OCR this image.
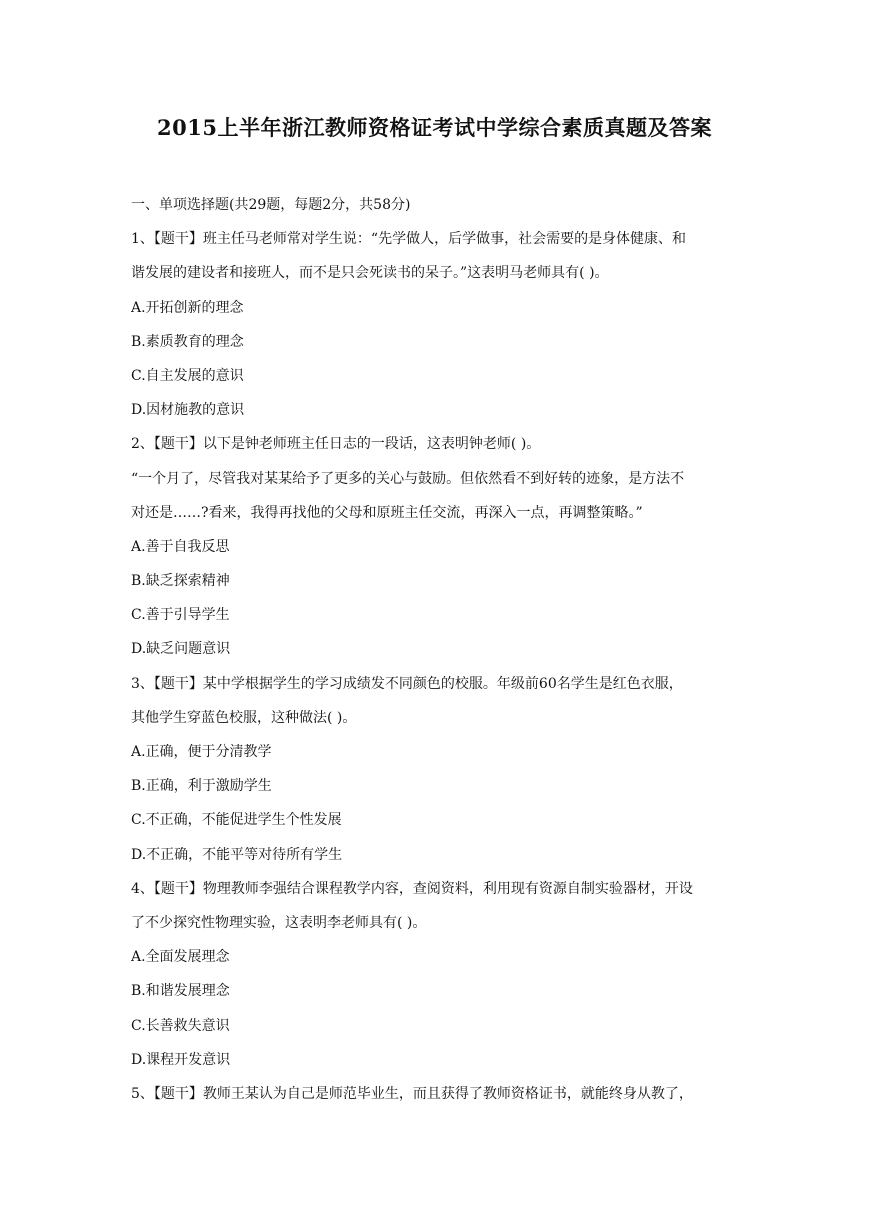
2015上半年浙江教师资格证考试中学综合素质真题及答案
一、单项选择题(共29题，每题2分，共58分)
1、【题干】班主任马老师常对学生说：“先学做人，后学做事，社会需要的是身体健康、和
谐发展的建设者和接班人，而不是只会死读书的呆子。”这表明马老师具有( )。
A.开拓创新的理念
B.素质教育的理念
C.自主发展的意识
D.因材施教的意识
2、【题干】以下是钟老师班主任日志的一段话，这表明钟老师( )。
“一个月了，尽管我对某某给予了更多的关心与鼓励。但依然看不到好转的迹象，是方法不
对还是……?看来，我得再找他的父母和原班主任交流，再深入一点，再调整策略。”
A.善于自我反思
B.缺乏探索精神
C.善于引导学生
D.缺乏问题意识
3、【题干】某中学根据学生的学习成绩发不同颜色的校服。年级前60名学生是红色衣服，
其他学生穿蓝色校服，这种做法( )。
A.正确，便于分清教学
B.正确，利于激励学生
C.不正确，不能促进学生个性发展
D.不正确，不能平等对待所有学生
4、【题干】物理教师李强结合课程教学内容，查阅资料，利用现有资源自制实验器材，开设
了不少探究性物理实验，这表明李老师具有( )。
A.全面发展理念
B.和谐发展理念
C.长善救失意识
D.课程开发意识
5、【题干】教师王某认为自己是师范毕业生，而且获得了教师资格证书，就能终身从教了，
